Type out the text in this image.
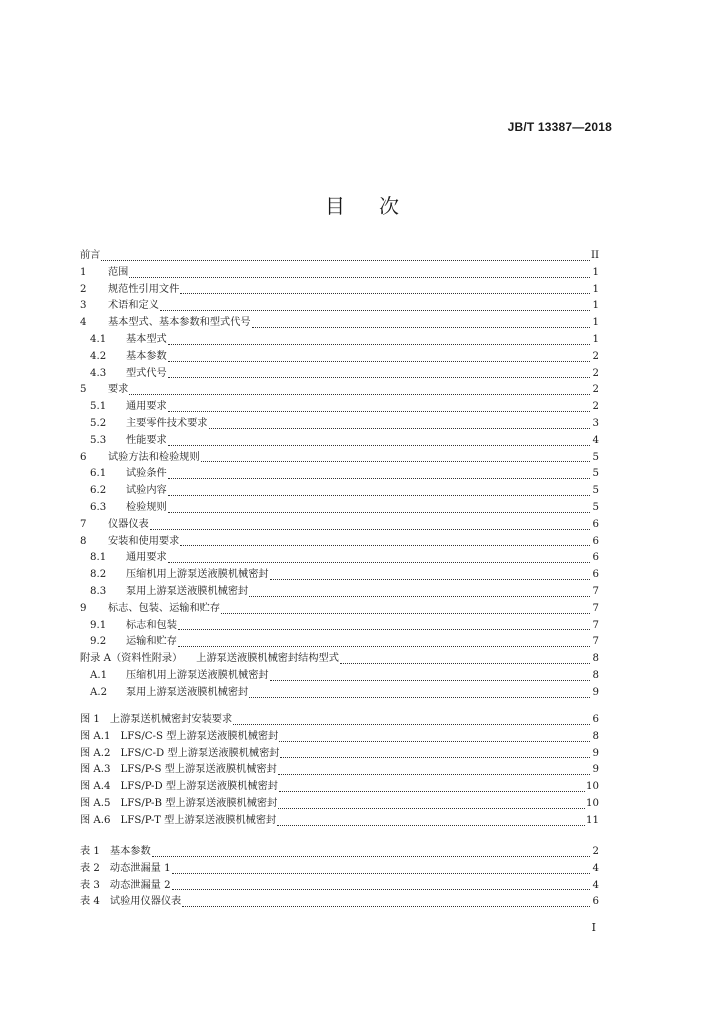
JB/T 13387—2018
目次
前言	II
1	范围	1
2	规范性引用文件	1
3	术语和定义	1
4	基本型式、基本参数和型式代号	1
4.1	基本型式	1
4.2	基本参数	2
4.3	型式代号	2
5	要求	2
5.1	通用要求	2
5.2	主要零件技术要求	3
5.3	性能要求	4
6	试验方法和检验规则	5
6.1	试验条件	5
6.2	试验内容	5
6.3	检验规则	5
7	仪器仪表	6
8	安装和使用要求	6
8.1	通用要求	6
8.2	压缩机用上游泵送液膜机械密封	6
8.3	泵用上游泵送液膜机械密封	7
9	标志、包装、运输和贮存	7
9.1	标志和包装	7
9.2	运输和贮存	7
附录 A（资料性附录） 上游泵送液膜机械密封结构型式	8
A.1	压缩机用上游泵送液膜机械密封	8
A.2	泵用上游泵送液膜机械密封	9
图 1 上游泵送机械密封安装要求	6
图 A.1 LFS/C-S 型上游泵送液膜机械密封	8
图 A.2 LFS/C-D 型上游泵送液膜机械密封	9
图 A.3 LFS/P-S 型上游泵送液膜机械密封	9
图 A.4 LFS/P-D 型上游泵送液膜机械密封	10
图 A.5 LFS/P-B 型上游泵送液膜机械密封	10
图 A.6 LFS/P-T 型上游泵送液膜机械密封	11
表 1 基本参数	2
表 2 动态泄漏量 1	4
表 3 动态泄漏量 2	4
表 4 试验用仪器仪表	6
I
